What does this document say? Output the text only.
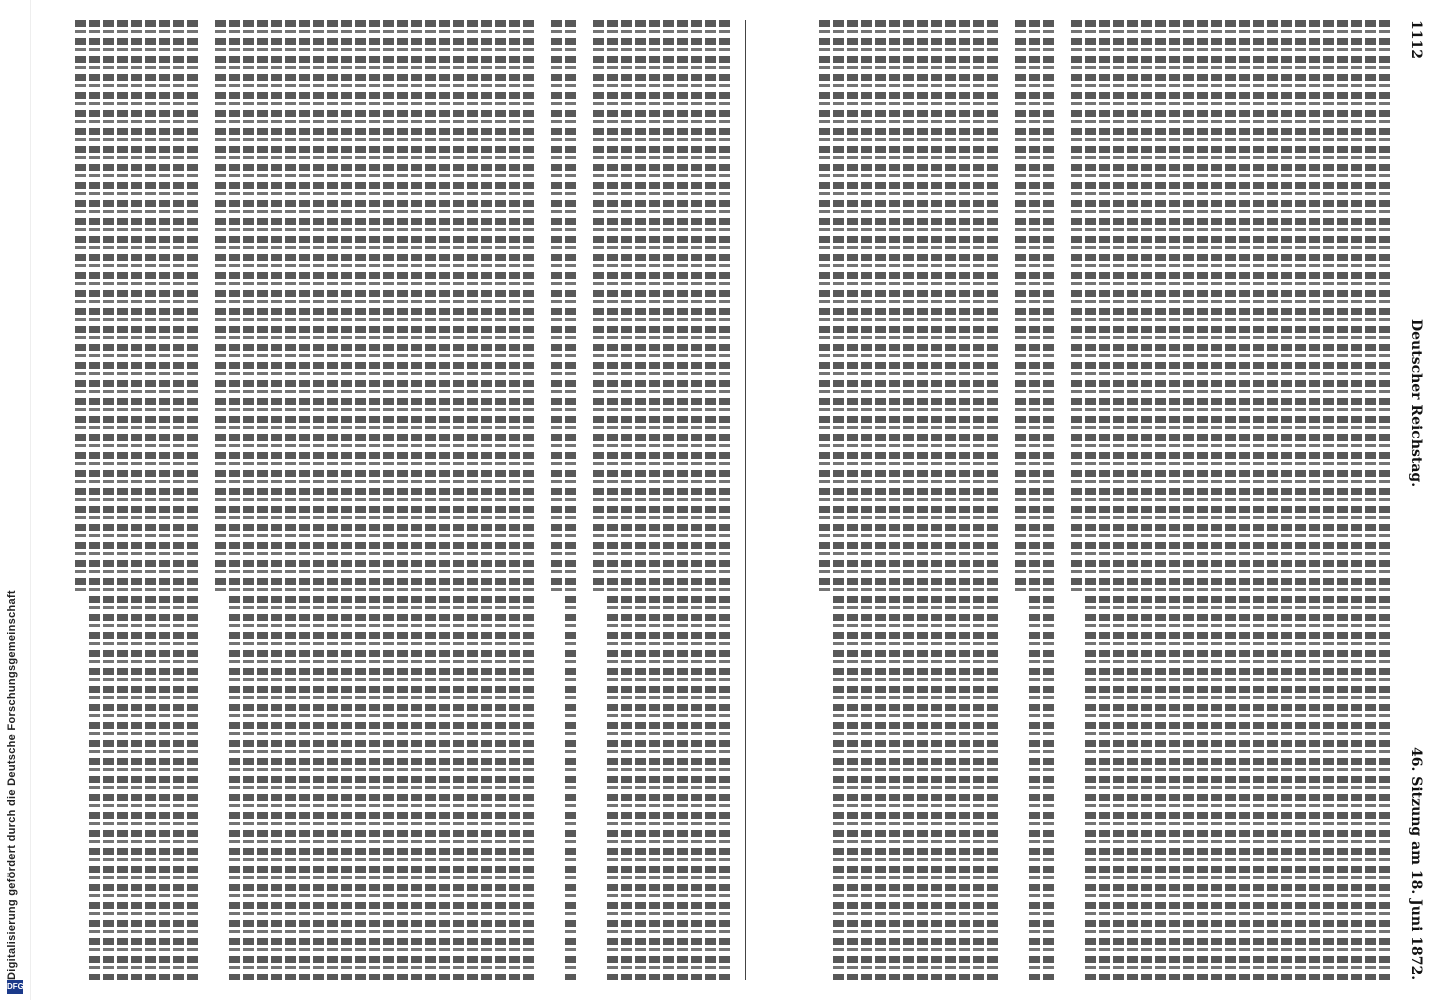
Digitalisierung gefördert durch die Deutsche Forschungsgemeinschaft
DFG
1112
Deutscher Reichstag.
46. Sitzung am 18. Juni 1872.
